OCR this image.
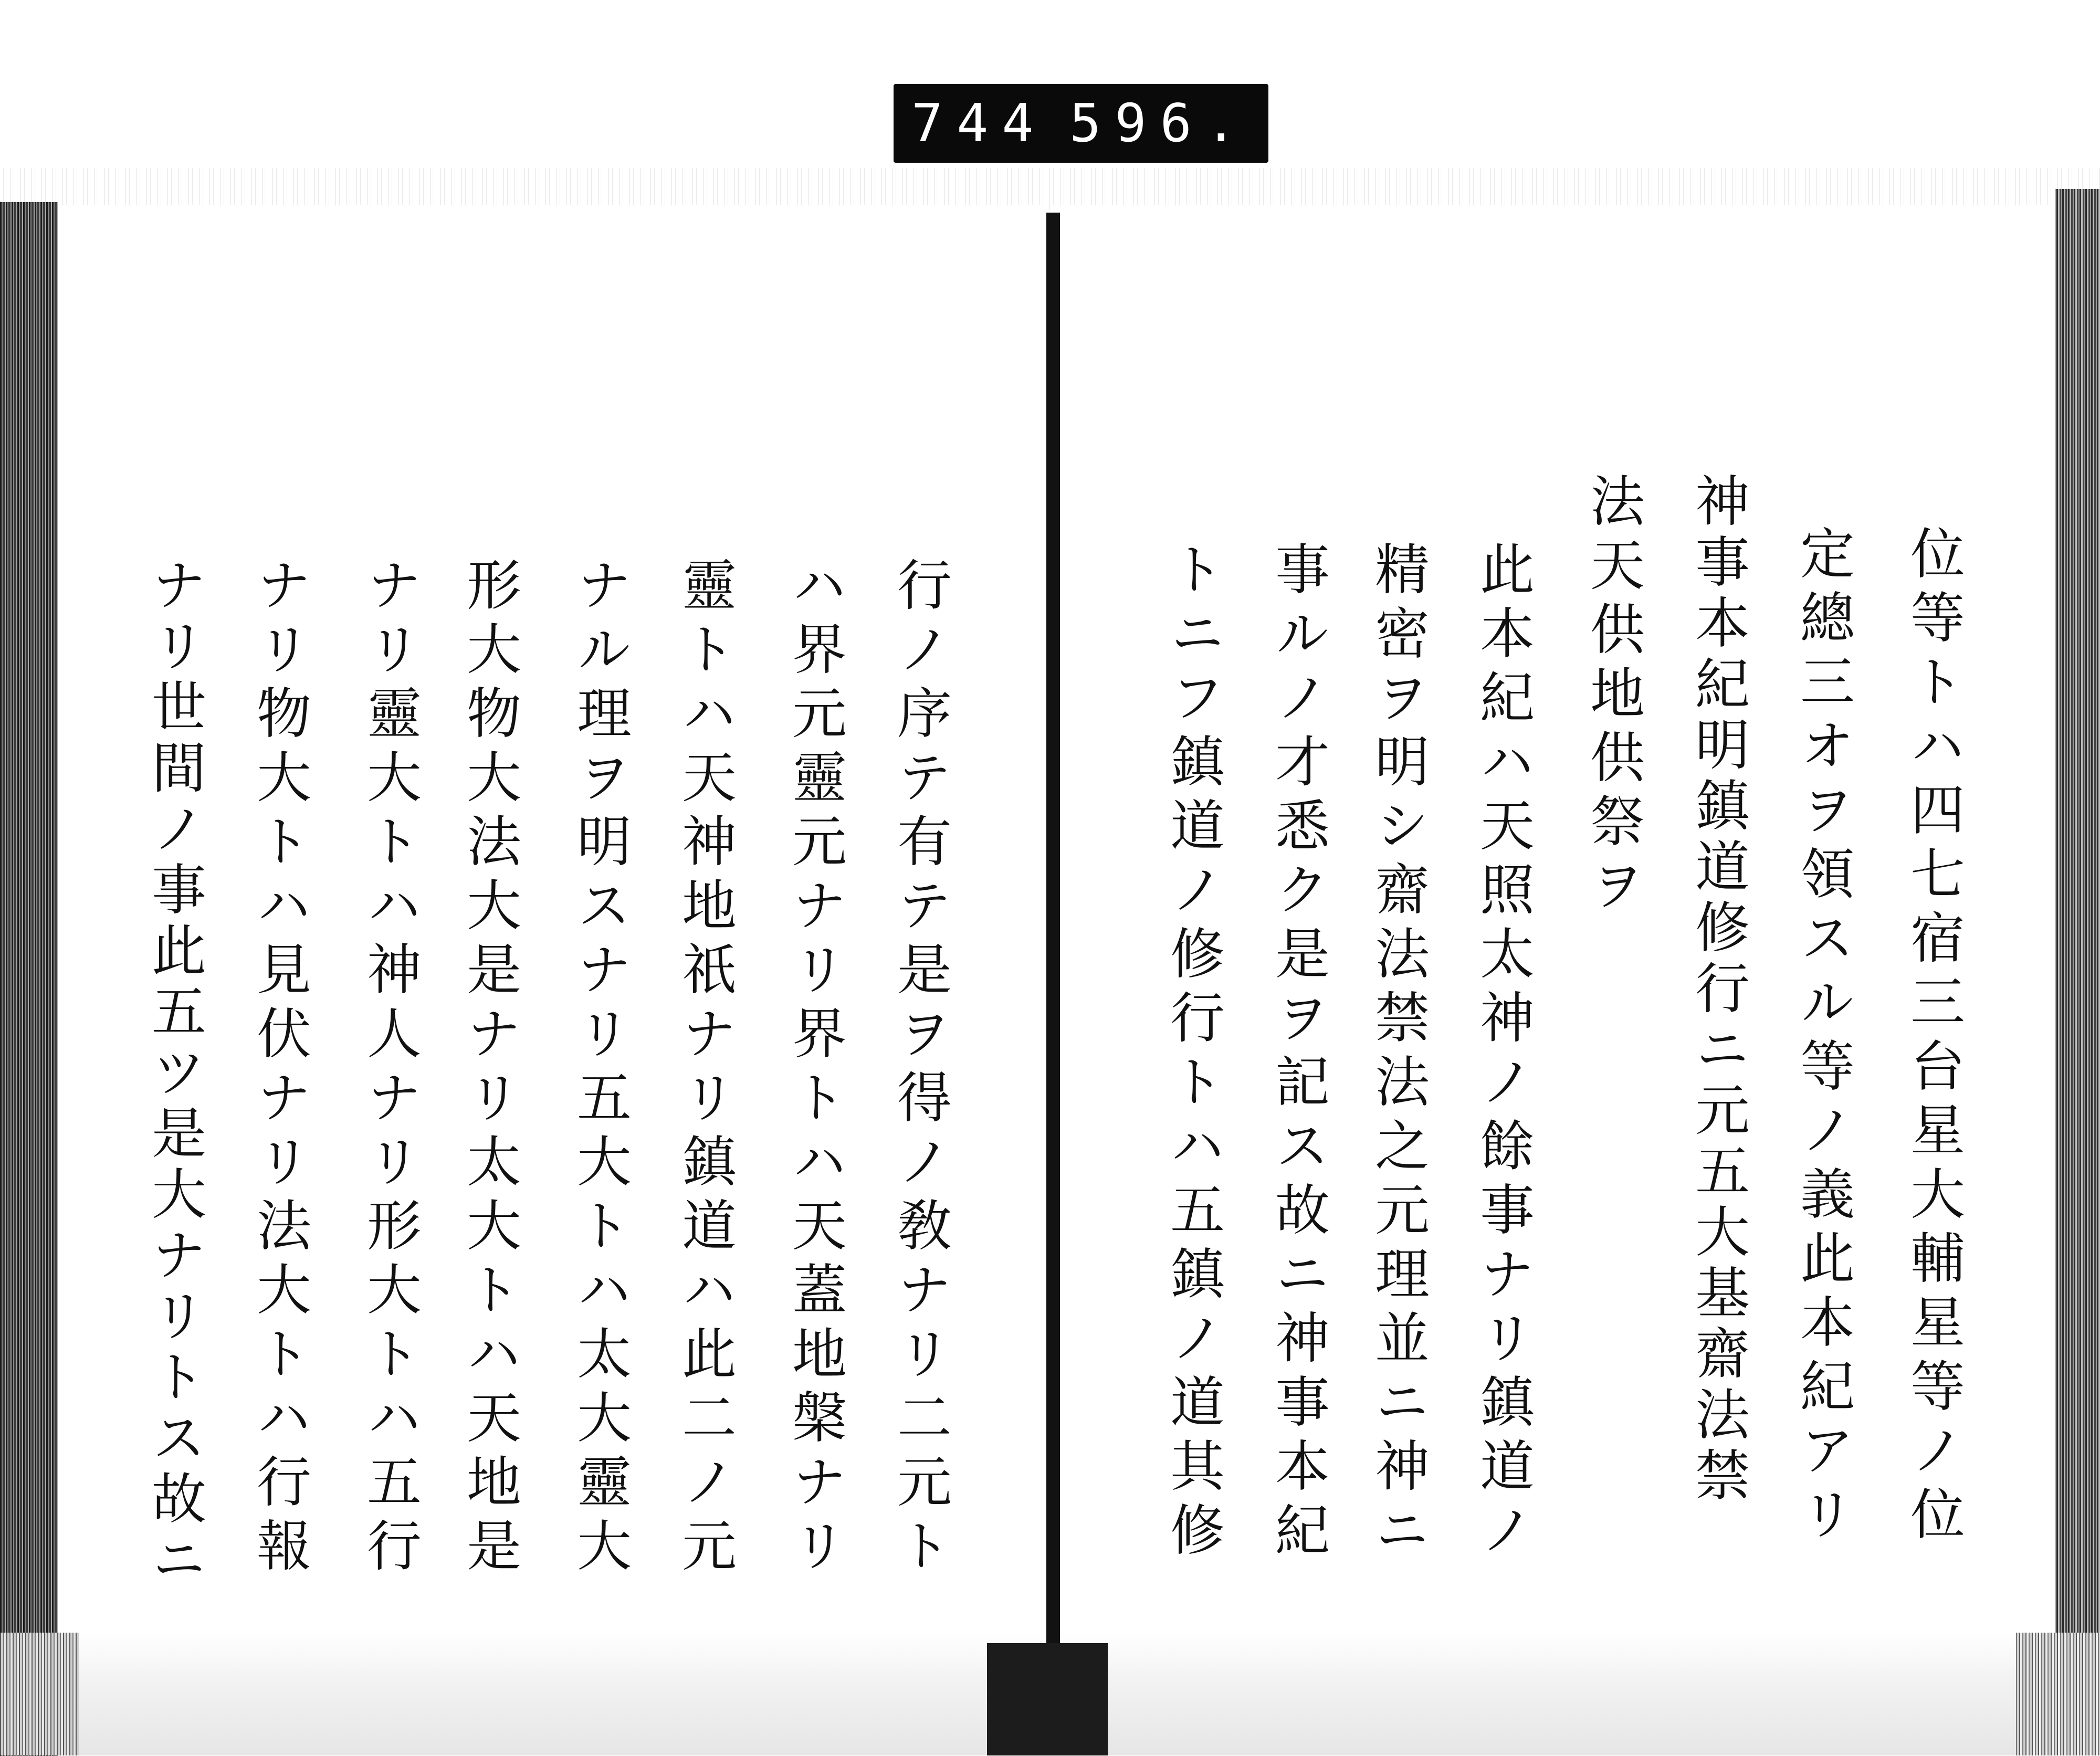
744 596.
位等トハ四七宿三台星大輔星等ノ位
定總三オヲ領スル等ノ義此本紀アリ
神事本紀明鎮道修行ニ元五大基齋法禁
法天供地供祭ヲ
此本紀ハ天照太神ノ餘事ナリ鎮道ノ
精密ヲ明シ齋法禁法之元理並ニ神ニ
事ルノ才悉ク是ヲ記ス故ニ神事本紀
トニフ鎮道ノ修行トハ五鎮ノ道其修
行ノ序テ有テ是ヲ得ノ敎ナリ二元ト
ハ界元靈元ナリ界トハ天蓋地槃ナリ
靈トハ天神地祇ナリ鎮道ハ此二ノ元
ナル理ヲ明スナリ五大トハ太大靈大
形大物大法大是ナリ太大トハ天地是
ナリ靈大トハ神人ナリ形大トハ五行
ナリ物大トハ見伏ナリ法大トハ行報
ナリ世間ノ事此五ツ是大ナリトス故ニ
